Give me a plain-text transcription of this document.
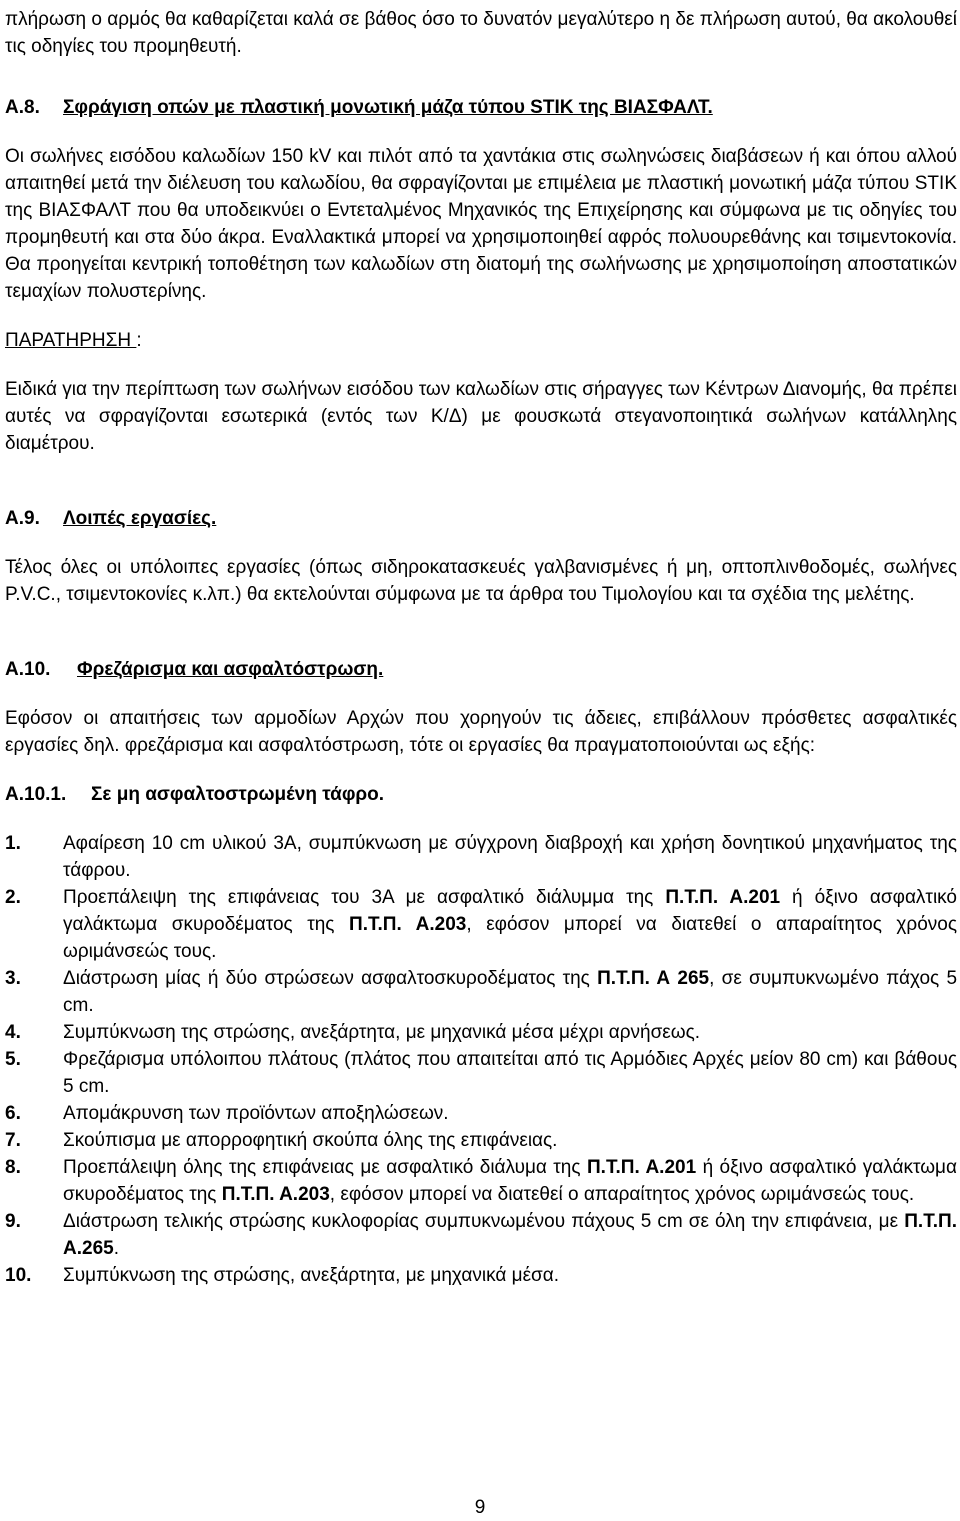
πλήρωση ο αρμός θα καθαρίζεται καλά σε βάθος όσο το δυνατόν μεγαλύτερο η δε πλήρωση αυτού, θα ακολουθεί τις οδηγίες του προμηθευτή.

Α.8. Σφράγιση οπών με πλαστική μονωτική μάζα τύπου STIK της ΒΙΑΣΦΑΛΤ.

Οι σωλήνες εισόδου καλωδίων 150 kV και πιλότ από τα χαντάκια στις σωληνώσεις διαβάσεων ή και όπου αλλού απαιτηθεί μετά την διέλευση του καλωδίου, θα σφραγίζονται με επιμέλεια με πλαστική μονωτική μάζα τύπου STIK της ΒΙΑΣΦΑΛΤ που θα υποδεικνύει ο Εντεταλμένος Μηχανικός της Επιχείρησης και σύμφωνα με τις οδηγίες του προμηθευτή και στα δύο άκρα. Εναλλακτικά μπορεί να χρησιμοποιηθεί αφρός πολυουρεθάνης και τσιμεντοκονία. Θα προηγείται κεντρική τοποθέτηση των καλωδίων στη διατομή της σωλήνωσης με χρησιμοποίηση αποστατικών τεμαχίων πολυστερίνης.

ΠΑΡΑΤΗΡΗΣΗ :

Ειδικά για την περίπτωση των σωλήνων εισόδου των καλωδίων στις σήραγγες των Κέντρων Διανομής, θα πρέπει αυτές να σφραγίζονται εσωτερικά (εντός των Κ/Δ) με φουσκωτά στεγανοποιητικά σωλήνων κατάλληλης διαμέτρου.

Α.9. Λοιπές εργασίες.

Τέλος όλες οι υπόλοιπες εργασίες (όπως σιδηροκατασκευές γαλβανισμένες ή μη, οπτοπλινθοδομές, σωλήνες P.V.C., τσιμεντοκονίες κ.λπ.) θα εκτελούνται σύμφωνα με τα άρθρα του Τιμολογίου και τα σχέδια της μελέτης.

Α.10. Φρεζάρισμα και ασφαλτόστρωση.

Εφόσον οι απαιτήσεις των αρμοδίων Αρχών που χορηγούν τις άδειες, επιβάλλουν πρόσθετες ασφαλτικές εργασίες δηλ. φρεζάρισμα και ασφαλτόστρωση, τότε οι εργασίες θα πραγματοποιούνται ως εξής:

Α.10.1. Σε μη ασφαλτοστρωμένη τάφρο.
1. Αφαίρεση 10 cm υλικού 3Α, συμπύκνωση με σύγχρονη διαβροχή και χρήση δονητικού μηχανήματος της τάφρου.
2. Προεπάλειψη της επιφάνειας του 3Α με ασφαλτικό διάλυμμα της Π.Τ.Π. Α.201 ή όξινο ασφαλτικό γαλάκτωμα σκυροδέματος της Π.Τ.Π. Α.203, εφόσον μπορεί να διατεθεί ο απαραίτητος χρόνος ωριμάνσεώς τους.
3. Διάστρωση μίας ή δύο στρώσεων ασφαλτοσκυροδέματος της Π.Τ.Π. Α 265, σε συμπυκνωμένο πάχος 5 cm.
4. Συμπύκνωση της στρώσης, ανεξάρτητα, με μηχανικά μέσα μέχρι αρνήσεως.
5. Φρεζάρισμα υπόλοιπου πλάτους (πλάτος που απαιτείται από τις Αρμόδιες Αρχές μείον 80 cm) και βάθους 5 cm.
6. Απομάκρυνση των προϊόντων αποξηλώσεων.
7. Σκούπισμα με απορροφητική σκούπα όλης της επιφάνειας.
8. Προεπάλειψη όλης της επιφάνειας με ασφαλτικό διάλυμα της Π.Τ.Π. Α.201 ή όξινο ασφαλτικό γαλάκτωμα σκυροδέματος της Π.Τ.Π. Α.203, εφόσον μπορεί να διατεθεί ο απαραίτητος χρόνος ωριμάνσεώς τους.
9. Διάστρωση τελικής στρώσης κυκλοφορίας συμπυκνωμένου πάχους 5 cm σε όλη την επιφάνεια, με Π.Τ.Π. Α.265.
10. Συμπύκνωση της στρώσης, ανεξάρτητα, με μηχανικά μέσα.
9
